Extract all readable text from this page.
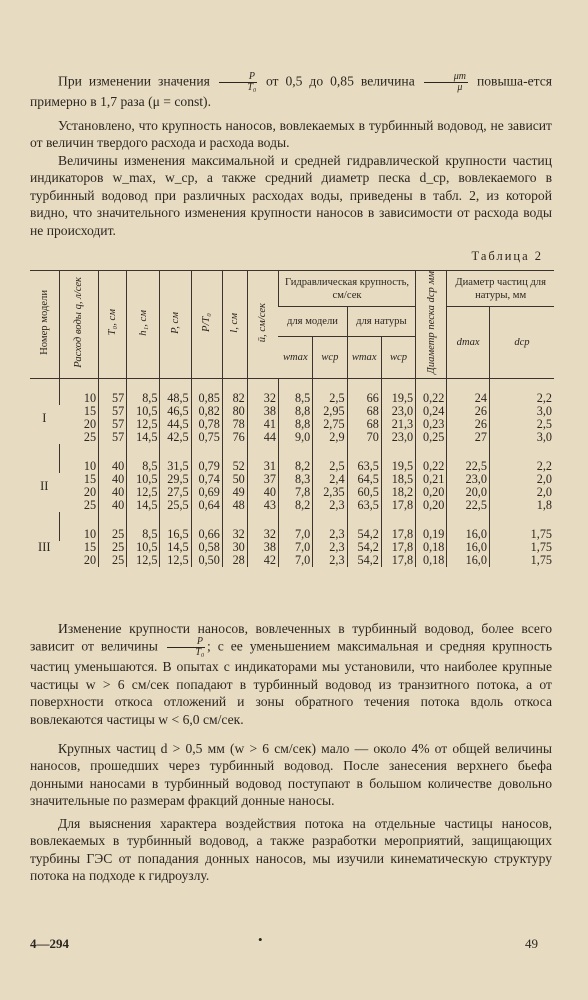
При изменении значения $\frac{P}{\text{T₀}}$ от 0,5 до 0,85 величина $\frac{\mu т}{\mu}$ повыша-ется примерно в 1,7 раза (μ = const).
Установлено, что крупность наносов, вовлекаемых в турбинный водовод, не зависит от величин твердого расхода и расхода воды.
Величины изменения максимальной и средней гидравлической крупности частиц индикаторов w_max, w_ср, а также средний диаметр песка d_ср, вовлекаемого в турбинный водовод при различных расходах воды, приведены в табл. 2, из которой видно, что значительного изменения крупности наносов в зависимости от расхода воды не происходит.
Таблица 2
Номер модели	Расход воды q, л/сек	T₀, см	h₁, см	P, см	P/T₀	l, см	ū, см/сек	Гидравлическая крупность, см/сек				Диаметр песка dср мм	Диаметр частиц для натуры, мм	
								для модели		для натуры			dmax	dср
								wmax	wср	wmax	wср			

I	10	57	8,5	48,5	0,85	82	32	8,5	2,5	66	19,5	0,22	24	2,2
	15	57	10,5	46,5	0,82	80	38	8,8	2,95	68	23,0	0,24	26	3,0
	20	57	12,5	44,5	0,78	78	41	8,8	2,75	68	21,3	0,23	26	2,5
	25	57	14,5	42,5	0,75	76	44	9,0	2,9	70	23,0	0,25	27	3,0

II	10	40	8,5	31,5	0,79	52	31	8,2	2,5	63,5	19,5	0,22	22,5	2,2
	15	40	10,5	29,5	0,74	50	37	8,3	2,4	64,5	18,5	0,21	23,0	2,0
	20	40	12,5	27,5	0,69	49	40	7,8	2,35	60,5	18,2	0,20	20,0	2,0
	25	40	14,5	25,5	0,64	48	43	8,2	2,3	63,5	17,8	0,20	22,5	1,8

III	10	25	8,5	16,5	0,66	32	32	7,0	2,3	54,2	17,8	0,19	16,0	1,75
	15	25	10,5	14,5	0,58	30	38	7,0	2,3	54,2	17,8	0,18	16,0	1,75
	20	25	12,5	12,5	0,50	28	42	7,0	2,3	54,2	17,8	0,18	16,0	1,75
Изменение крупности наносов, вовлеченных в турбинный водовод, более всего зависит от величины $\frac{P}{\text{T₀}}$ ; с ее уменьшением максимальная и средняя крупность частиц уменьшаются. В опытах с индикаторами мы установили, что наиболее крупные частицы w > 6 см/сек попадают в турбинный водовод из транзитного потока, а от поверхности откоса отложений и зоны обратного течения потока вдоль откоса вовлекаются частицы w < 6,0 см/сек.
Крупных частиц d > 0,5 мм (w > 6 см/сек) мало — около 4% от общей величины наносов, прошедших через турбинный водовод. После занесения верхнего бьефа донными наносами в турбинный водовод поступают в большом количестве довольно значительные по размерам фракций донные наносы.
Для выяснения характера воздействия потока на отдельные частицы наносов, вовлекаемых в турбинный водовод, а также разработки мероприятий, защищающих турбины ГЭС от попадания донных наносов, мы изучили кинематическую структуру потока на подходе к гидроузлу.
4—294	•	49
